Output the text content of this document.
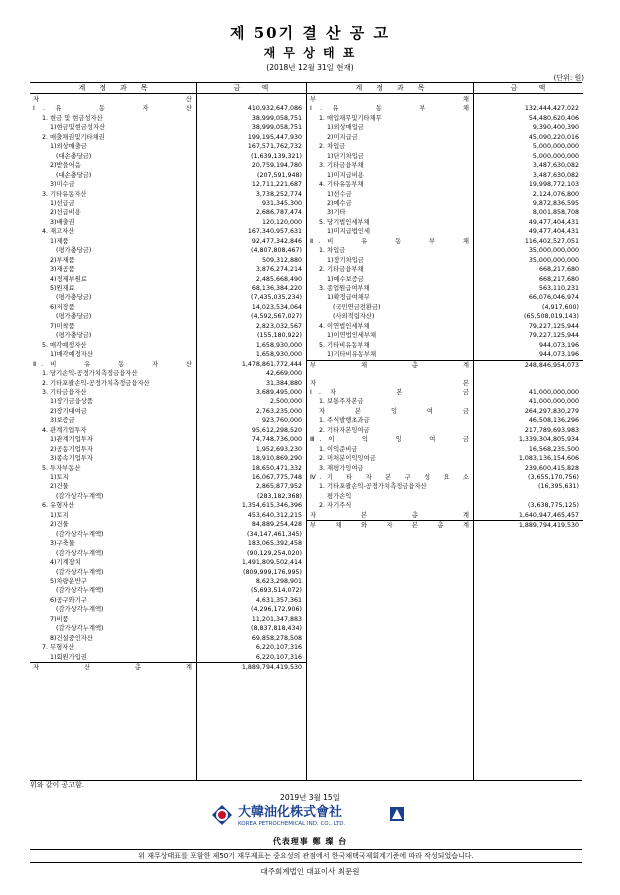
제 50기 결 산 공 고
재 무 상 태 표
(2018년 12월 31일 현재)
(단위: 원)
계　　정　　과　　목	금　　　액
자　　　　　　　　　　　　　　　　산
Ⅰ. 유　　동　　자　　산	410,932,647,086
1. 현금 및 현금성자산	38,999,058,751
1)현금및현금성자산	38,999,058,751
2. 매출채권및기타채권	199,195,447,930
1)외상매출금	167,571,762,732
(대손충당금)	(1,639,139,321)
2)받을어음	20,759,194,780
(대손충당금)	(207,591,948)
3)미수금	12,711,221,687
3. 기타유동자산	3,738,252,774
1)선급금	931,345,300
2)선급비용	2,686,787,474
3)배출권	120,120,000
4. 재고자산	167,340,957,631
1)제품	92,477,342,846
(평가충당금)	(4,807,808,467)
2)부제품	509,312,880
3)재공품	3,876,274,214
4)정제부원료	2,485,668,490
5)원재료	68,136,384,220
(평가충당금)	(7,435,035,234)
6)저장품	14,023,534,064
(평가충당금)	(4,592,567,027)
7)미착품	2,823,032,567
(평가충당금)	(155,180,922)
5. 매각예정자산	1,658,930,000
1)매각예정자산	1,658,930,000
Ⅱ. 비　　유　　동　　자　　산	1,478,861,772,444
1. 당기손익-공정가치측정금융자산	42,669,000
2. 기타포괄손익-공정가치측정금융자산	31,384,880
3. 기타금융자산	3,689,495,000
1)장기금융상품	2,500,000
2)장기대여금	2,763,235,000
3)보증금	923,760,000
4. 관계기업투자	95,612,298,520
1)관계기업투자	74,748,736,000
2)공동기업투자	1,952,693,230
3)종속기업투자	18,910,869,290
5. 투자부동산	18,650,471,332
1)토지	16,067,775,748
2)건물	2,865,877,952
(감가상각누계액)	(283,182,368)
6. 유형자산	1,354,615,346,396
1)토지	453,640,312,215
2)건물	84,889,254,428
(감가상각누계액)	(34,147,461,345)
3)구축물	183,065,392,458
(감가상각누계액)	(90,129,254,020)
4)기계장치	1,491,809,502,414
(감가상각누계액)	(809,999,176,995)
5)차량운반구	8,623,298,901
(감가상각누계액)	(5,693,514,072)
6)공구와기구	4,631,357,361
(감가상각누계액)	(4,296,172,906)
7)비품	11,201,347,883
(감가상각누계액)	(8,837,818,434)
8)건설중인자산	69,858,278,508
7. 무형자산	6,220,107,316
1)회원가입권	6,220,107,316
자　　　　산　　　　총　　　　계	1,889,794,419,530
계　　정　　과　　목	금　　　액
부　　　　　　　　　　　　　　　　채
Ⅰ. 유　　동　　부　　채	132,444,427,022
1. 매입채무및기타채무	54,480,620,406
1)외상매입금	9,390,400,390
2)미지급금	45,090,220,016
2. 차입금	5,000,000,000
1)단기차입금	5,000,000,000
3. 기타금융부채	3,487,630,082
1)미지급비용	3,487,630,082
4. 기타유동부채	19,998,772,103
1)선수금	2,124,076,800
2)예수금	9,872,836,595
3)기타	8,001,858,708
5. 당기법인세부채	49,477,404,431
1)미지급법인세	49,477,404,431
Ⅱ. 비　　유　　동　　부　　채	116,402,527,051
1. 차입금	35,000,000,000
1)장기차입금	35,000,000,000
2. 기타금융부채	668,217,680
1)예수보증금	668,217,680
3. 종업원급여부채	563,110,231
1)확정급여채무	66,076,046,974
(국민연금전환금)	(4,917,600)
(사외적립자산)	(65,508,019,143)
4. 이연법인세부채	79,227,125,944
1)이연법인세부채	79,227,125,944
5. 기타비유동부채	944,073,196
1)기타비유동부채	944,073,196
부　　　　채　　　　총　　　　계	248,846,954,073
자　　　　　　　　　　　　　　　　본
Ⅰ. 자　　　　본　　　　금	41,000,000,000
1. 보통주자본금	41,000,000,000
자　　본　　잉　　여　　금	264,297,830,279
1. 주식발행초과금	46,508,136,296
2. 기타자본잉여금	217,789,693,983
Ⅲ. 이　　익　　잉　　여　　금	1,339,304,805,934
1. 이익준비금	16,568,235,500
2. 미처분이익잉여금	1,083,136,154,606
3. 재평가잉여금	239,600,415,828
Ⅳ. 기　타　자　본　구　성　요　소	(3,655,170,756)
1. 기타포괄손익-공정가치측정금융자산	(16,395,631)
평가손익
2. 자기주식	(3,638,775,125)
자　　　　본　　　　총　　　　계	1,640,947,465,457
부　　채　　와　　자　　본　　총　　계	1,889,794,419,530
위와 같이 공고함.
2019년 3월 15일
大韓油化株式會社
KOREA PETROCHEMICAL IND. CO., LTD.
代表理事 鄭 璨 台
위 재무상태표를 포함한 제50기 재무제표는 중요성의 관점에서 한국채택국제회계기준에 따라 작성되었습니다.
대주회계법인 대표이사 최문원
